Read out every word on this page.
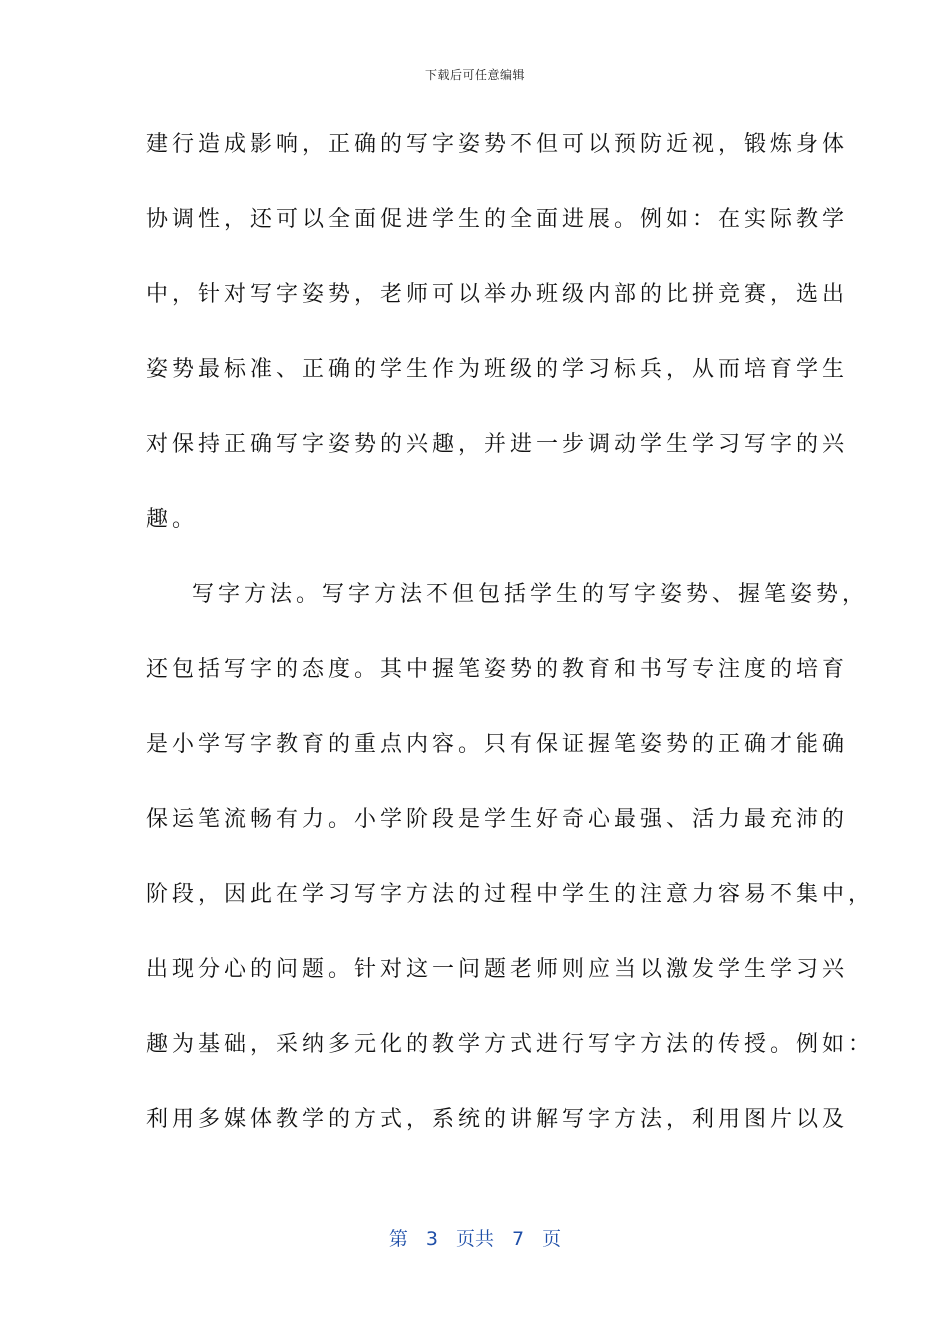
下载后可任意编辑
建行造成影响，正确的写字姿势不但可以预防近视，锻炼身体
协调性，还可以全面促进学生的全面进展。例如：在实际教学
中，针对写字姿势，老师可以举办班级内部的比拼竞赛，选出
姿势最标准、正确的学生作为班级的学习标兵，从而培育学生
对保持正确写字姿势的兴趣，并进一步调动学生学习写字的兴
趣。
写字方法。写字方法不但包括学生的写字姿势、握笔姿势，
还包括写字的态度。其中握笔姿势的教育和书写专注度的培育
是小学写字教育的重点内容。只有保证握笔姿势的正确才能确
保运笔流畅有力。小学阶段是学生好奇心最强、活力最充沛的
阶段，因此在学习写字方法的过程中学生的注意力容易不集中，
出现分心的问题。针对这一问题老师则应当以激发学生学习兴
趣为基础，采纳多元化的教学方式进行写字方法的传授。例如：
利用多媒体教学的方式，系统的讲解写字方法，利用图片以及
第 3 页共 7 页
